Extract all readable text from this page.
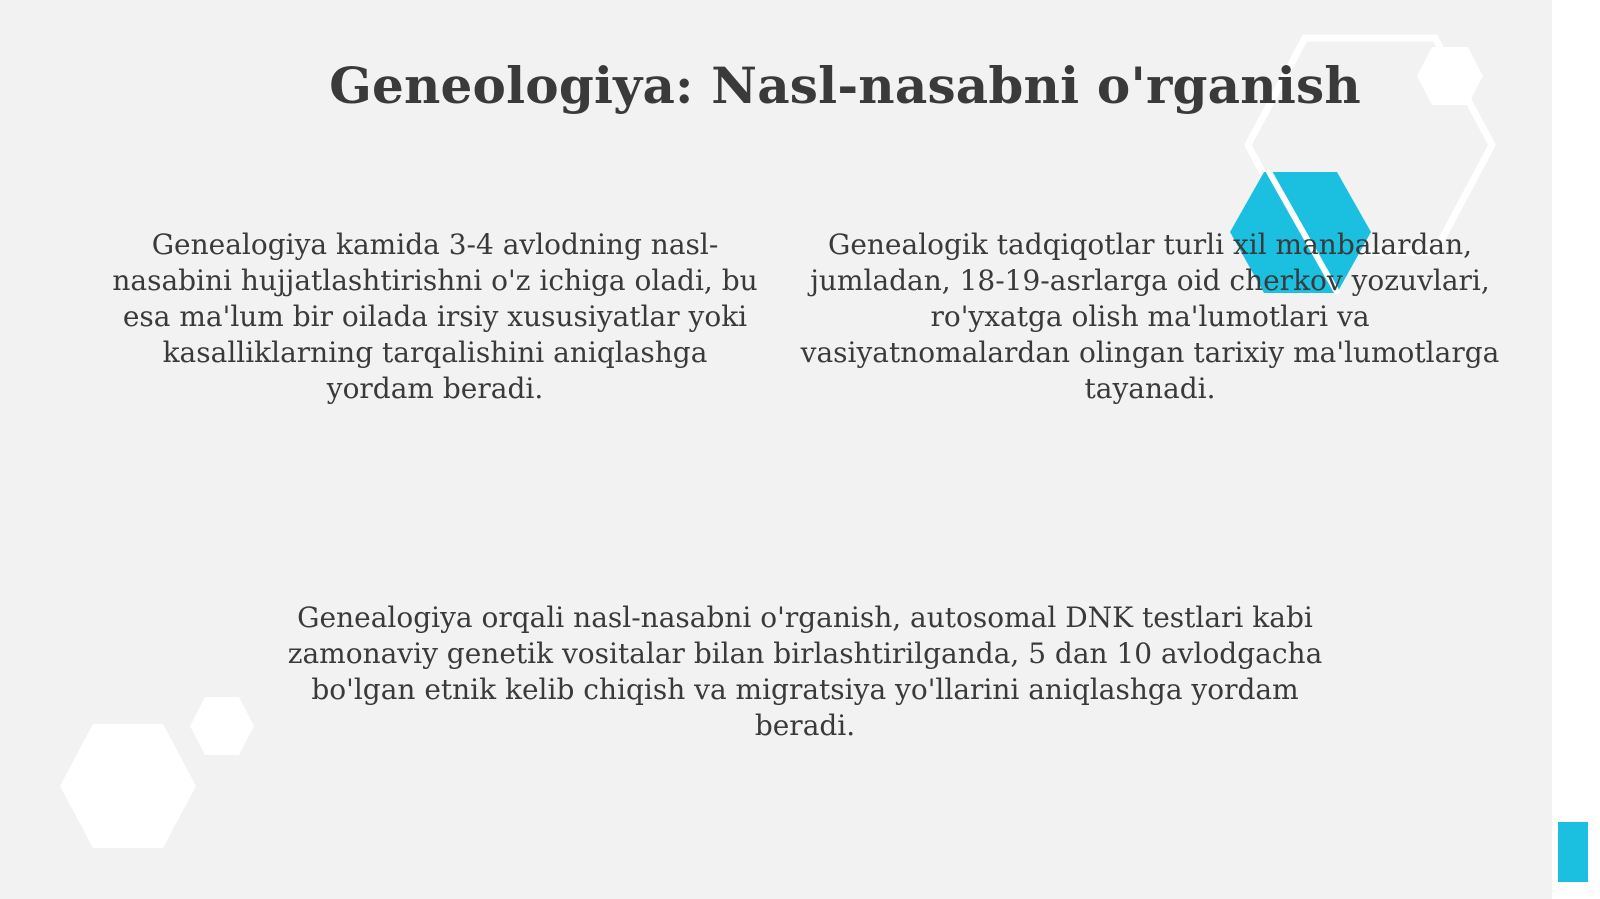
Geneologiya: Nasl-nasabni o'rganish
Genealogiya kamida 3-4 avlodning nasl-nasabini hujjatlashtirishni o'z ichiga oladi, bu esa ma'lum bir oilada irsiy xususiyatlar yoki kasalliklarning tarqalishini aniqlashga yordam beradi.
Genealogik tadqiqotlar turli xil manbalardan, jumladan, 18-19-asrlarga oid cherkov yozuvlari, ro'yxatga olish ma'lumotlari va vasiyatnomalardan olingan tarixiy ma'lumotlarga tayanadi.
Genealogiya orqali nasl-nasabni o'rganish, autosomal DNK testlari kabi zamonaviy genetik vositalar bilan birlashtirilganda, 5 dan 10 avlodgacha bo'lgan etnik kelib chiqish va migratsiya yo'llarini aniqlashga yordam beradi.
